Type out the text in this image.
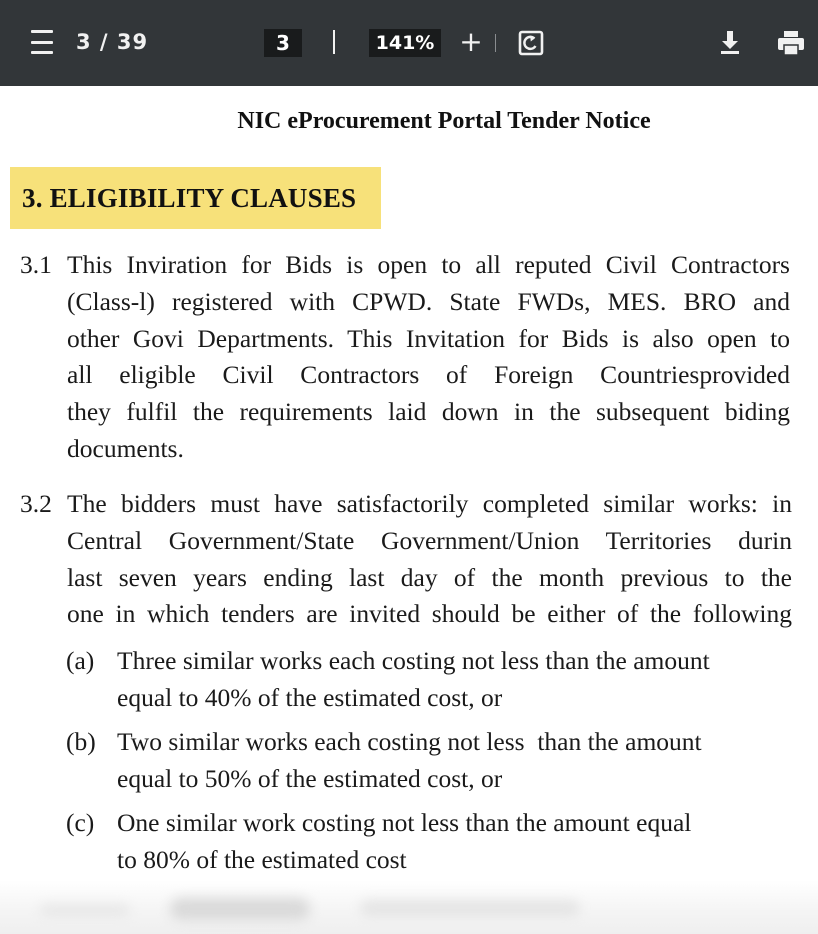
3 / 39	3	141% +
NIC eProcurement Portal Tender Notice
3. ELIGIBILITY CLAUSES
3.1 This Inviration for Bids is open to all reputed Civil Contractors
(Class-l) registered with CPWD. State FWDs, MES. BRO and
other Govi Departments. This Invitation for Bids is also open to
all eligible Civil Contractors of Foreign Countriesprovided
they fulfil the requirements laid down in the subsequent biding
documents.
3.2 The bidders must have satisfactorily completed similar works: in
Central Government/State Government/Union Territories durin
last seven years ending last day of the month previous to the
one in which tenders are invited should be either of the following
(a) Three similar works each costing not less than the amount
equal to 40% of the estimated cost, or
(b) Two similar works each costing not less  than the amount
equal to 50% of the estimated cost, or
(c) One similar work costing not less than the amount equal
to 80% of the estimated cost
